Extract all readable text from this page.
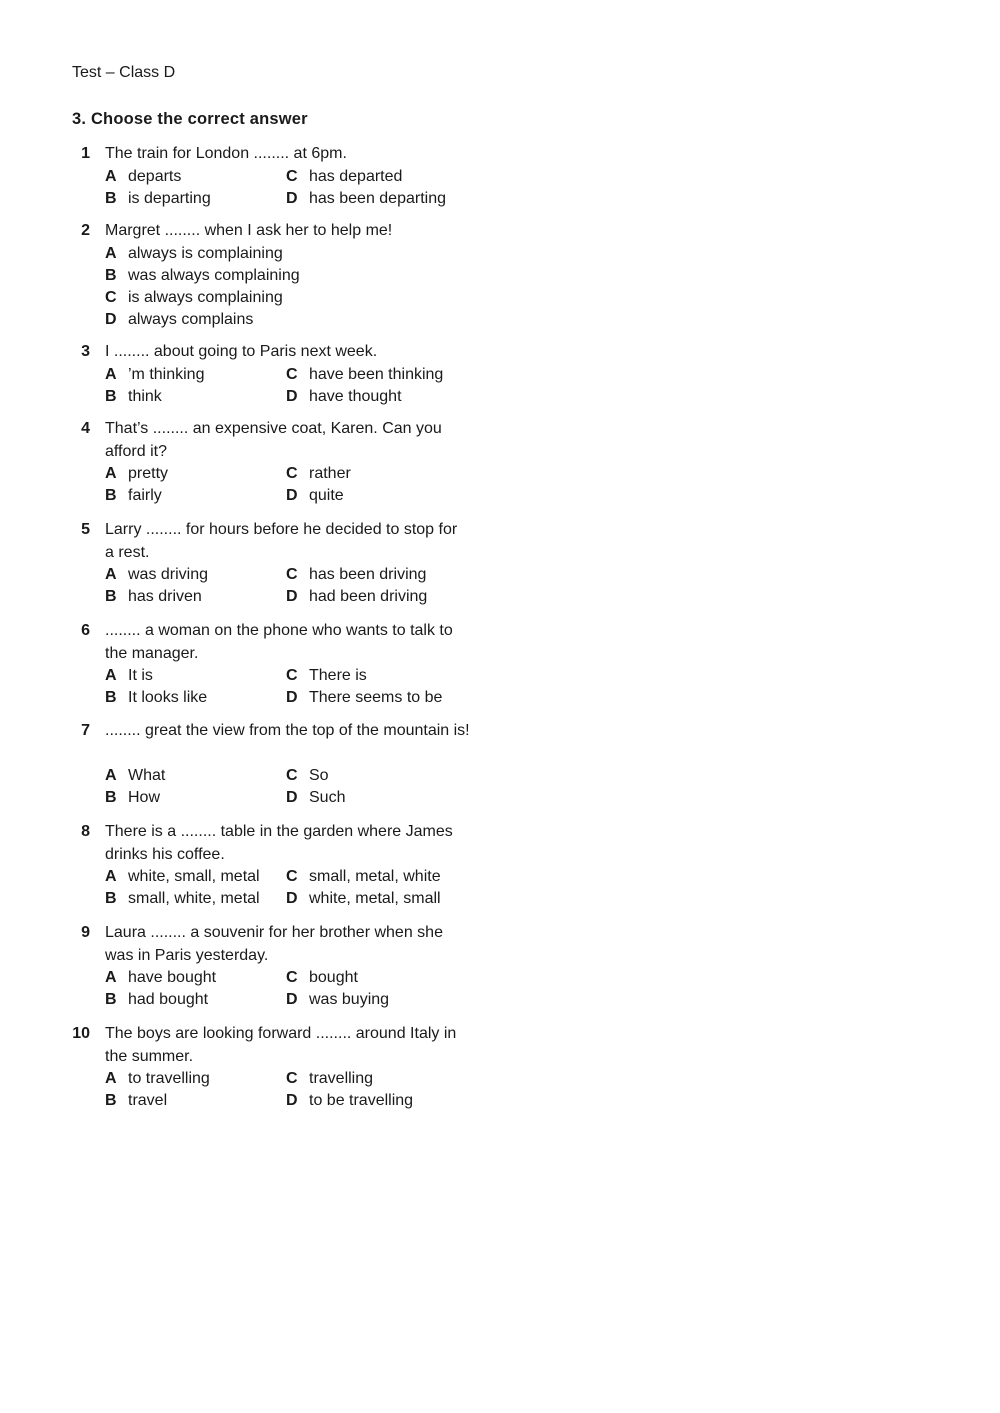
Test – Class D
3. Choose the correct answer
1 The train for London ........ at 6pm.
A departs
B is departing
C has departed
D has been departing
2 Margret ........ when I ask her to help me!
A always is complaining
B was always complaining
C is always complaining
D always complains
3 I ........ about going to Paris next week.
A ’m thinking
B think
C have been thinking
D have thought
4 That’s ........ an expensive coat, Karen. Can you afford it?
A pretty
B fairly
C rather
D quite
5 Larry ........ for hours before he decided to stop for a rest.
A was driving
B has driven
C has been driving
D had been driving
6 ........ a woman on the phone who wants to talk to the manager.
A It is
B It looks like
C There is
D There seems to be
7 ........ great the view from the top of the mountain is!
A What
B How
C So
D Such
8 There is a ........ table in the garden where James drinks his coffee.
A white, small, metal
B small, white, metal
C small, metal, white
D white, metal, small
9 Laura ........ a souvenir for her brother when she was in Paris yesterday.
A have bought
B had bought
C bought
D was buying
10 The boys are looking forward ........ around Italy in the summer.
A to travelling
B travel
C travelling
D to be travelling
